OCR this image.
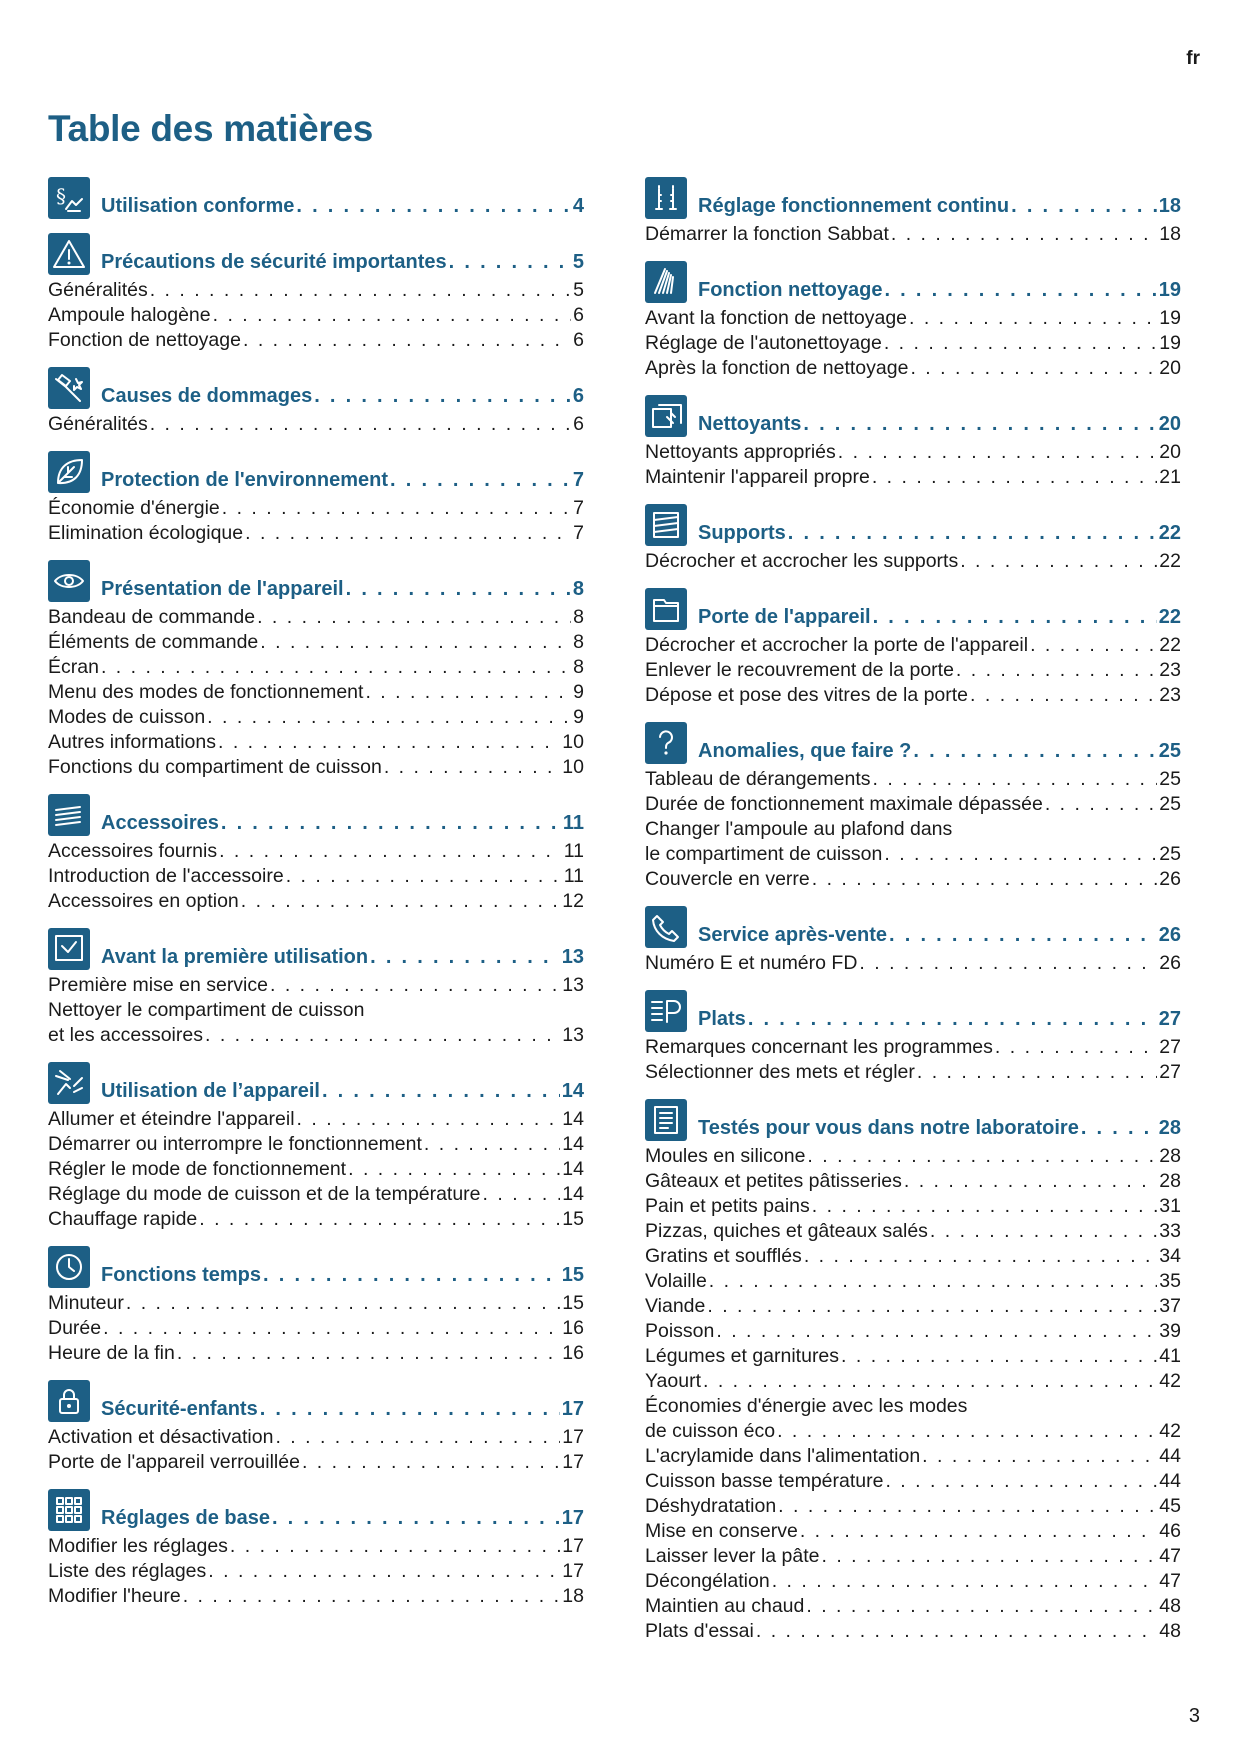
fr
Table des matières
§ Utilisation conforme . . .	4
Précautions de sécurité importantes . . .	5
Généralités . . .	5
Ampoule halogène . . .	6
Fonction de nettoyage . . .	6
Causes de dommages . . .	6
Généralités . . .	6
Protection de l'environnement . . .	7
Économie d'énergie . . .	7
Elimination écologique . . .	7
Présentation de l'appareil . . .	8
Bandeau de commande . . .	8
Éléments de commande . . .	8
Écran . . .	8
Menu des modes de fonctionnement . . .	9
Modes de cuisson . . .	9
Autres informations . . .	10
Fonctions du compartiment de cuisson . . .	10
Accessoires . . .	11
Accessoires fournis . . .	11
Introduction de l'accessoire . . .	11
Accessoires en option . . .	12
Avant la première utilisation . . .	13
Première mise en service . . .	13
Nettoyer le compartiment de cuisson
et les accessoires . . .	13
Utilisation de l’appareil . . .	14
Allumer et éteindre l'appareil . . .	14
Démarrer ou interrompre le fonctionnement . . .	14
Régler le mode de fonctionnement . . .	14
Réglage du mode de cuisson et de la température . . .	14
Chauffage rapide . . .	15
Fonctions temps . . .	15
Minuteur . . .	15
Durée . . .	16
Heure de la fin . . .	16
Sécurité-enfants . . .	17
Activation et désactivation . . .	17
Porte de l'appareil verrouillée . . .	17
Réglages de base . . .	17
Modifier les réglages . . .	17
Liste des réglages . . .	17
Modifier l'heure . . .	18
Réglage fonctionnement continu . . .	18
Démarrer la fonction Sabbat . . .	18
Fonction nettoyage . . .	19
Avant la fonction de nettoyage . . .	19
Réglage de l'autonettoyage . . .	19
Après la fonction de nettoyage . . .	20
Nettoyants . . .	20
Nettoyants appropriés . . .	20
Maintenir l'appareil propre . . .	21
Supports . . .	22
Décrocher et accrocher les supports . . .	22
Porte de l'appareil . . .	22
Décrocher et accrocher la porte de l'appareil . . .	22
Enlever le recouvrement de la porte . . .	23
Dépose et pose des vitres de la porte . . .	23
Anomalies, que faire ? . . .	25
Tableau de dérangements . . .	25
Durée de fonctionnement maximale dépassée . . .	25
Changer l'ampoule au plafond dans
le compartiment de cuisson . . .	25
Couvercle en verre . . .	26
Service après-vente . . .	26
Numéro E et numéro FD . . .	26
Plats . . .	27
Remarques concernant les programmes . . .	27
Sélectionner des mets et régler . . .	27
Testés pour vous dans notre laboratoire . . .	28
Moules en silicone . . .	28
Gâteaux et petites pâtisseries . . .	28
Pain et petits pains . . .	31
Pizzas, quiches et gâteaux salés . . .	33
Gratins et soufflés . . .	34
Volaille . . .	35
Viande . . .	37
Poisson . . .	39
Légumes et garnitures . . .	41
Yaourt . . .	42
Économies d'énergie avec les modes
de cuisson éco . . .	42
L'acrylamide dans l'alimentation . . .	44
Cuisson basse température . . .	44
Déshydratation . . .	45
Mise en conserve . . .	46
Laisser lever la pâte . . .	47
Décongélation . . .	47
Maintien au chaud . . .	48
Plats d'essai . . .	48
3
